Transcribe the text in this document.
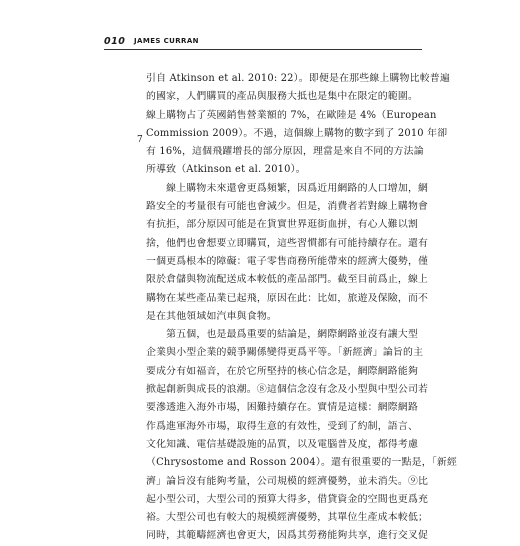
010 JAMES CURRAN
7
引自 Atkinson et al. 2010: 22）。即便是在那些線上購物比較普遍
的國家，人們購買的產品與服務大抵也是集中在限定的範圍。
線上購物占了英國銷售營業額的 7%，在歐陸是 4%（European
Commission 2009）。不過，這個線上購物的數字到了 2010 年卻
有 16%，這個飛躍增長的部分原因，理當是來自不同的方法論
所導致（Atkinson et al. 2010）。
　　線上購物未來還會更爲頻繁，因爲近用網路的人口增加，網
路安全的考量很有可能也會減少。但是，消費者若對線上購物會
有抗拒，部分原因可能是在貨實世界逛街血拼，有心人難以割
捨，他們也會想要立即購買，這些習慣都有可能持續存在。還有
一個更爲根本的障礙：電子零售商務所能帶來的經濟大優勢，僅
限於倉儲與物流配送成本較低的產品部門。截至目前爲止，線上
購物在某些產品業已起飛，原因在此：比如，旅遊及保險，而不
是在其他領域如汽車與食物。
　　第五個，也是最爲重要的結論是，網際網路並沒有讓大型
企業與小型企業的競爭關係變得更爲平等。「新經濟」論旨的主
要成分有如福音，在於它所堅持的核心信念是，網際網路能夠
掀起創新與成長的浪潮。⑧這個信念沒有念及小型與中型公司若
要滲透進入海外市場，困難持續存在。實情是這樣：網際網路
作爲進軍海外市場，取得生意的有效性，受到了約制，語言、
文化知識、電信基礎設施的品質，以及電腦普及度，都得考慮
（Chrysostome and Rosson 2004）。還有很重要的一點是，「新經
濟」論旨沒有能夠考量，公司規模的經濟優勢，並未消失。⑨比
起小型公司，大型公司的預算大得多，借貸資金的空間也更爲充
裕。大型公司也有較大的規模經濟優勢，其單位生產成本較低；
同時，其範疇經濟也會更大，因爲其勞務能夠共享，進行交叉促
